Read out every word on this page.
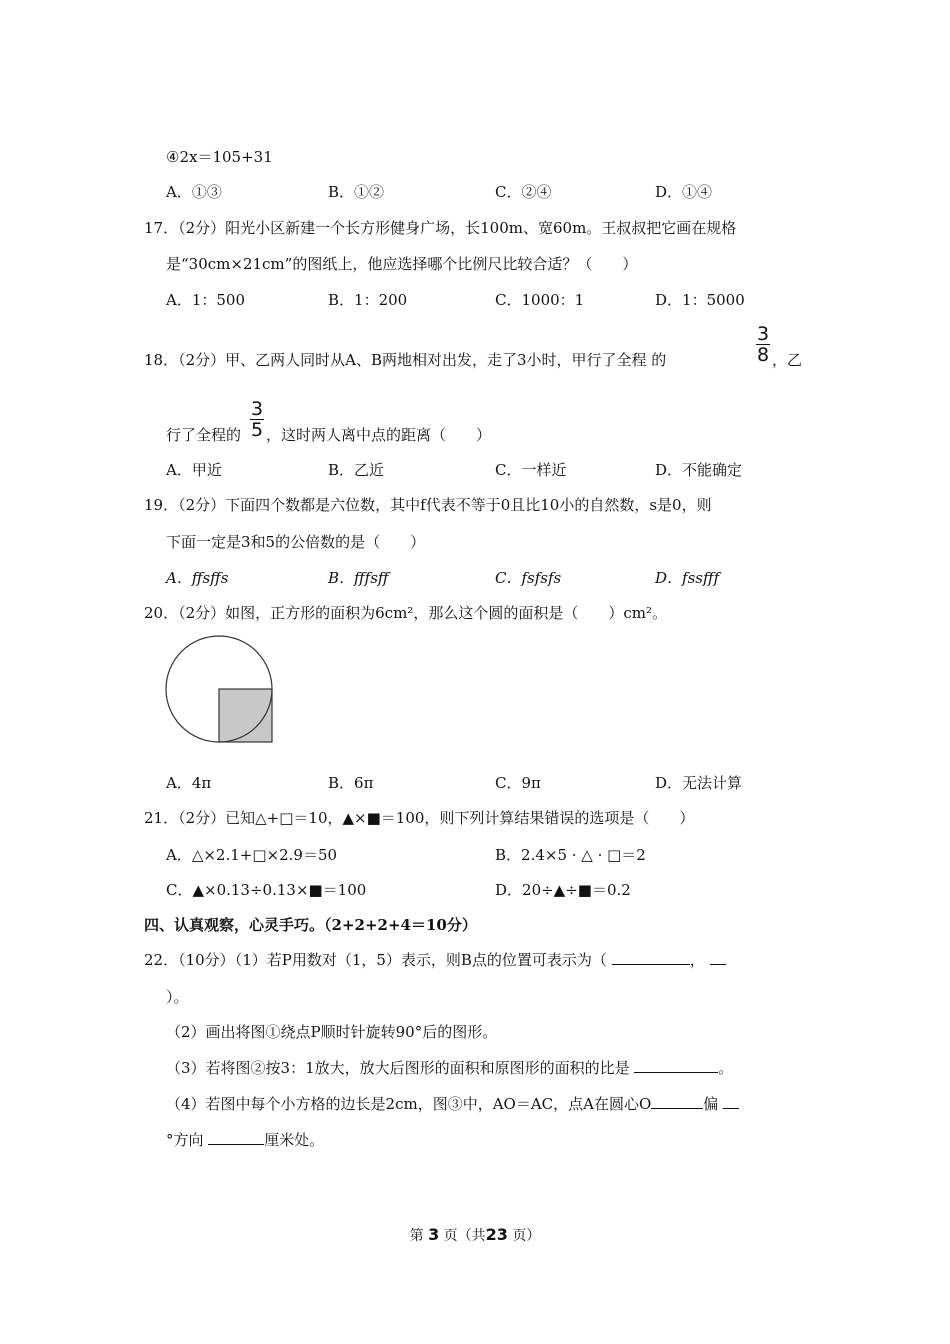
④2x＝105+31
A．①③	B．①②	C．②④	D．①④
17．（2分）阳光小区新建一个长方形健身广场，长100m、宽60m。王叔叔把它画在规格
是“30cm×21cm”的图纸上，他应选择哪个比例尺比较合适？（　　）
A．1：500	B．1：200	C．1000：1	D．1：5000
18．（2分）甲、乙两人同时从A、B两地相对出发，走了3小时，甲行了全程 的
3
8 ，乙
行了全程的
3
5 ，这时两人离中点的距离（　　）
A．甲近	B．乙近	C．一样近	D．不能确定
19．（2分）下面四个数都是六位数，其中f代表不等于0且比10小的自然数，s是0，则
下面一定是3和5的公倍数的是（　　）
A．ffsffs	B．fffsff	C．fsfsfs	D．fssfff
20．（2分）如图，正方形的面积为6cm²，那么这个圆的面积是（　　）cm²。
A．4π	B．6π	C．9π	D．无法计算
21．（2分）已知△+□＝10，▲×■＝100，则下列计算结果错误的选项是（　　）
A．△×2.1+□×2.9＝50	B．2.4×5 · △ · □＝2
C．▲×0.13÷0.13×■＝100	D．20÷▲÷■＝0.2
四、认真观察，心灵手巧。（2+2+2+4＝10分）
22．（10分）（1）若P用数对（1，5）表示，则B点的位置可表示为（	，
）。
（2）画出将图①绕点P顺时针旋转90°后的图形。
（3）若将图②按3：1放大，放大后图形的面积和原图形的面积的比是	。
（4）若图中每个小方格的边长是2cm，图③中，AO＝AC，点A在圆心O	偏
°方向	厘米处。
第 3 页（共23 页）
